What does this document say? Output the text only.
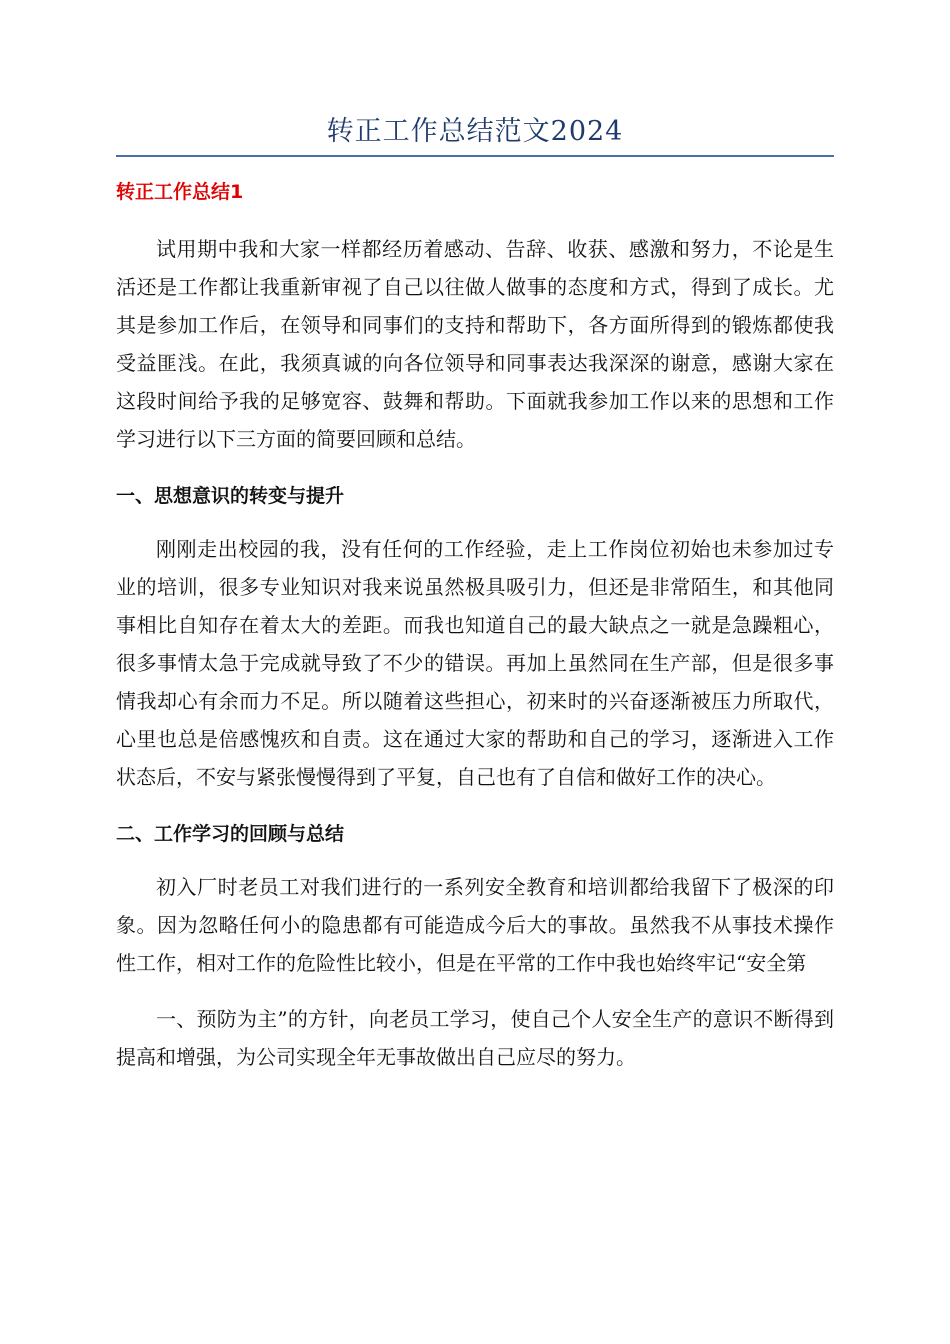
转正工作总结范文2024
转正工作总结1

试用期中我和大家一样都经历着感动、告辞、收获、感激和努力，不论是生活还是工作都让我重新审视了自己以往做人做事的态度和方式，得到了成长。尤其是参加工作后，在领导和同事们的支持和帮助下，各方面所得到的锻炼都使我受益匪浅。在此，我须真诚的向各位领导和同事表达我深深的谢意，感谢大家在这段时间给予我的足够宽容、鼓舞和帮助。下面就我参加工作以来的思想和工作学习进行以下三方面的简要回顾和总结。

一、思想意识的转变与提升

刚刚走出校园的我，没有任何的工作经验，走上工作岗位初始也未参加过专业的培训，很多专业知识对我来说虽然极具吸引力，但还是非常陌生，和其他同事相比自知存在着太大的差距。而我也知道自己的最大缺点之一就是急躁粗心，很多事情太急于完成就导致了不少的错误。再加上虽然同在生产部，但是很多事情我却心有余而力不足。所以随着这些担心，初来时的兴奋逐渐被压力所取代，心里也总是倍感愧疚和自责。这在通过大家的帮助和自己的学习，逐渐进入工作状态后，不安与紧张慢慢得到了平复，自己也有了自信和做好工作的决心。

二、工作学习的回顾与总结

初入厂时老员工对我们进行的一系列安全教育和培训都给我留下了极深的印象。因为忽略任何小的隐患都有可能造成今后大的事故。虽然我不从事技术操作性工作，相对工作的危险性比较小，但是在平常的工作中我也始终牢记“安全第

一、预防为主”的方针，向老员工学习，使自己个人安全生产的意识不断得到提高和增强，为公司实现全年无事故做出自己应尽的努力。
